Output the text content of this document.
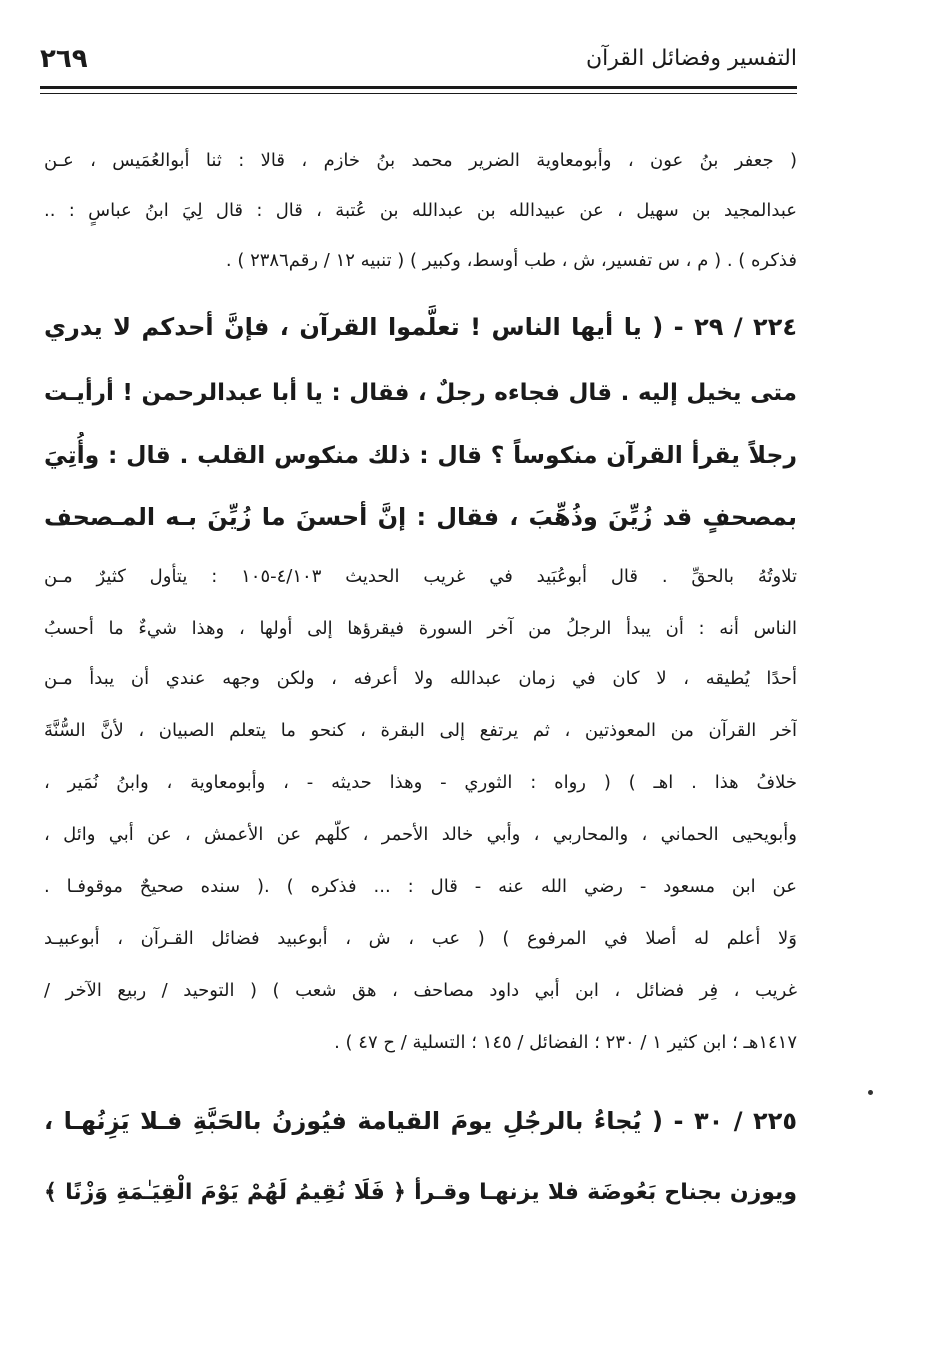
٢٦٩	التفسير وفضائل القرآن
( جعفر بنُ عون ، وأبومعاوية الضرير محمد بنُ خازم ، قالا : ثنا أبوالعُمَيس ، عـن
عبدالمجيد بن سهيل ، عن عبيدالله بن عبدالله بن عُتبة ، قال : قال لِيَ ابنُ عباسٍ : ..
فذكره ) . ( م ، س تفسير، ش ، طب أوسط، وكبير ) ( تنبيه ١٢ / رقم٢٣٨٦ ) .
٢٢٤ / ٢٩ - ( يا أيها الناس ! تعلَّموا القرآن ، فإنَّ أحدكم لا يدري
متى يخيل إليه . قال فجاءه رجلٌ ، فقال : يا أبا عبدالرحمن ! أرأيـت
رجلاً يقرأ القرآن منكوساً ؟ قال : ذلك منكوس القلب . قال : وأُتِيَ
بمصحفٍ قد زُيِّنَ وذُهِّبَ ، فقال : إنَّ أحسنَ ما زُيِّنَ بـه المـصحف
تلاوتُهُ بالحقِّ . قال أبوعُبَيد في غريب الحديث ٤/١٠٣-١٠٥ : يتأول كثيرٌ مـن
الناس أنه : أن يبدأ الرجلُ من آخر السورة فيقرؤها إلى أولها ، وهذا شيءٌ ما أحسبُ
أحدًا يُطيقه ، لا كان في زمان عبدالله ولا أعرفه ، ولكن وجهه عندي أن يبدأ مـن
آخر القرآن من المعوذتين ، ثم يرتفع إلى البقرة ، كنحو ما يتعلم الصبيان ، لأنَّ السُّنَّةَ
خلافُ هذا . اهـ ) ( رواه : الثوري - وهذا حديثه - ، وأبومعاوية ، وابنُ نُمَير ،
وأبويحيى الحماني ، والمحاربي ، وأبي خالد الأحمر ، كلُّهم عن الأعمش ، عن أبي وائل ،
عن ابن مسعود - رضي الله عنه - قال : ... فذكره ) .( سنده صحيحٌ موقوفـا .
وَلا أعلم له أصلا في المرفوع ) ( عب ، ش ، أبوعبيد فضائل القـرآن ، أبوعبيـد
غريب ، فِر فضائل ، ابن أبي داود مصاحف ، هق شعب ) ( التوحيد / ربيع الآخر /
١٤١٧هـ ؛ ابن كثير ١ / ٢٣٠ ؛ الفضائل / ١٤٥ ؛ التسلية / ح ٤٧ ) .
٢٢٥ / ٣٠ - ( يُجاءُ بالرجُلِ يومَ القيامة فيُوزنُ بالحَبَّةِ فـلا يَزِنُهـا ،
ويوزن بجناح بَعُوضَة فلا يزنهـا وقـرأ ﴿ فَلَا نُقِيمُ لَهُمْ يَوْمَ الْقِيَـٰمَةِ وَزْنًا ﴾
